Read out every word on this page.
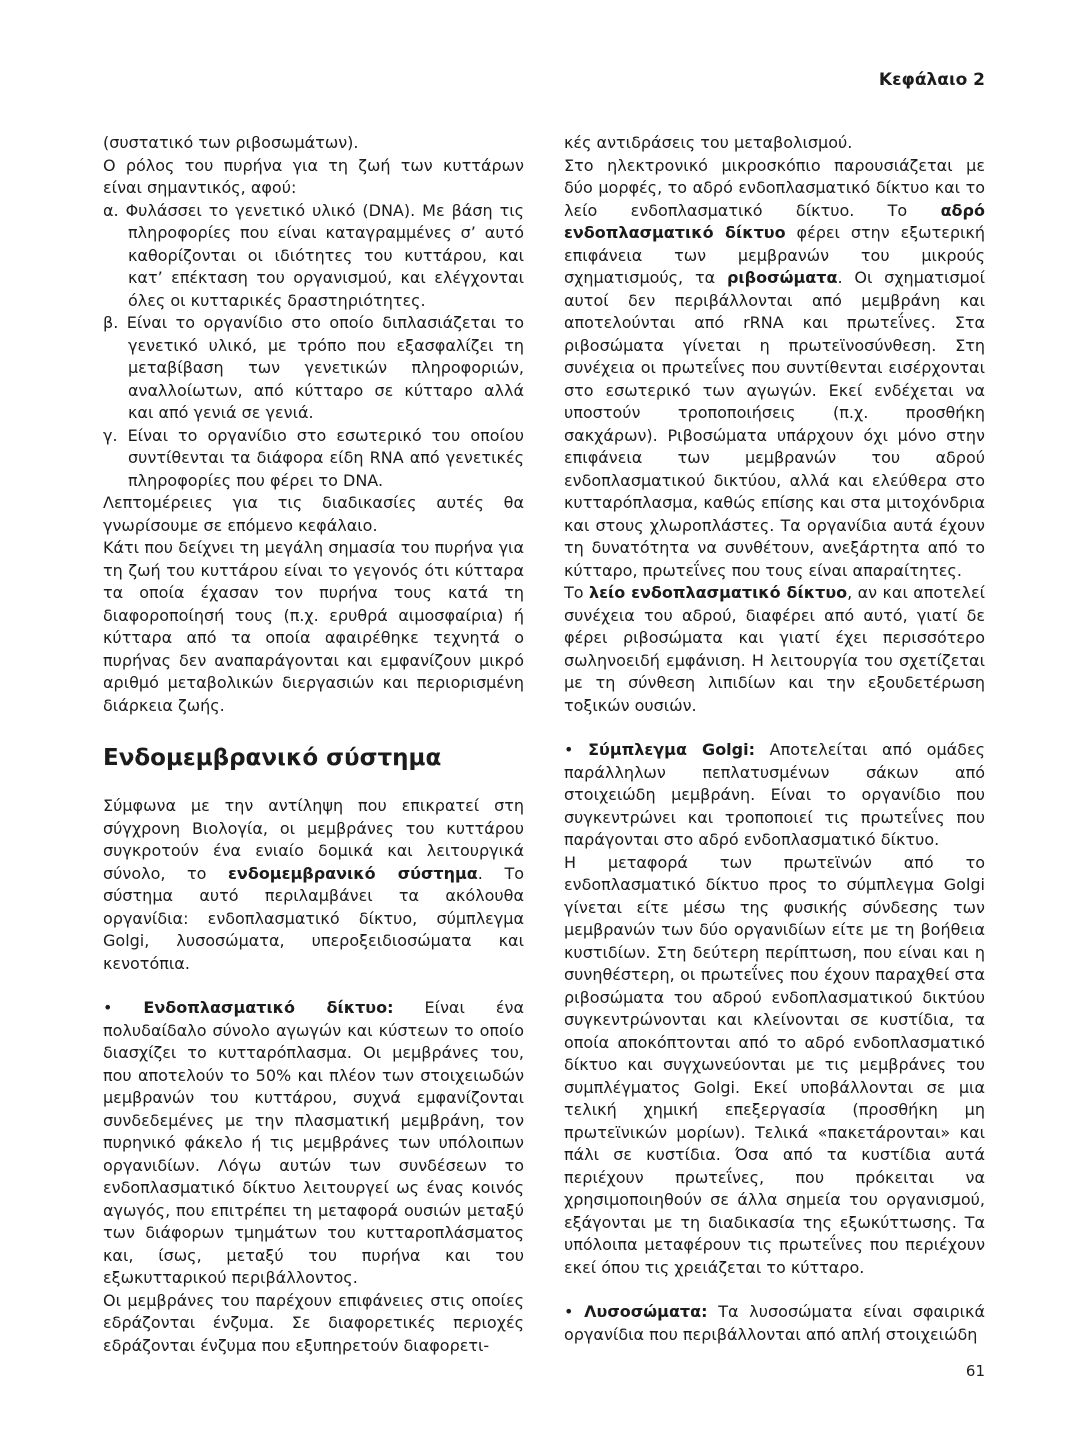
Κεφάλαιο 2

(συστατικό των ριβοσωμάτων).

Ο ρόλος του πυρήνα για τη ζωή των κυττάρων είναι σημαντικός, αφού:

α. Φυλάσσει το γενετικό υλικό (DNA). Με βάση τις πληροφορίες που είναι καταγραμμένες σ’ αυτό καθορίζονται οι ιδιότητες του κυττάρου, και κατ’ επέκταση του οργανισμού, και ελέγχονται όλες οι κυτταρικές δραστηριότητες.

β. Είναι το οργανίδιο στο οποίο διπλασιάζεται το γενετικό υλικό, με τρόπο που εξασφαλίζει τη μεταβίβαση των γενετικών πληροφοριών, αναλλοίωτων, από κύτταρο σε κύτταρο αλλά και από γενιά σε γενιά.

γ. Είναι το οργανίδιο στο εσωτερικό του οποίου συντίθενται τα διάφορα είδη RNA από γενετικές πληροφορίες που φέρει το DNA.

Λεπτομέρειες για τις διαδικασίες αυτές θα γνωρίσουμε σε επόμενο κεφάλαιο.

Κάτι που δείχνει τη μεγάλη σημασία του πυρήνα για τη ζωή του κυττάρου είναι το γεγονός ότι κύτταρα τα οποία έχασαν τον πυρήνα τους κατά τη διαφοροποίησή τους (π.χ. ερυθρά αιμοσφαίρια) ή κύτταρα από τα οποία αφαιρέθηκε τεχνητά ο πυρήνας δεν αναπαράγονται και εμφανίζουν μικρό αριθμό μεταβολικών διεργασιών και περιορισμένη διάρκεια ζωής.

Ενδομεμβρανικό σύστημα

Σύμφωνα με την αντίληψη που επικρατεί στη σύγχρονη Βιολογία, οι μεμβράνες του κυττάρου συγκροτούν ένα ενιαίο δομικά και λειτουργικά σύνολο, το ενδομεμβρανικό σύστημα. Το σύστημα αυτό περιλαμβάνει τα ακόλουθα οργανίδια: ενδοπλασματικό δίκτυο, σύμπλεγμα Golgi, λυσοσώματα, υπεροξειδιοσώματα και κενοτόπια.

• Ενδοπλασματικό δίκτυο: Είναι ένα πολυδαίδαλο σύνολο αγωγών και κύστεων το οποίο διασχίζει το κυτταρόπλασμα. Οι μεμβράνες του, που αποτελούν το 50% και πλέον των στοιχειωδών μεμβρανών του κυττάρου, συχνά εμφανίζονται συνδεδεμένες με την πλασματική μεμβράνη, τον πυρηνικό φάκελο ή τις μεμβράνες των υπόλοιπων οργανιδίων. Λόγω αυτών των συνδέσεων το ενδοπλασματικό δίκτυο λειτουργεί ως ένας κοινός αγωγός, που επιτρέπει τη μεταφορά ουσιών μεταξύ των διάφορων τμημάτων του κυτταροπλάσματος και, ίσως, μεταξύ του πυρήνα και του εξωκυτταρικού περιβάλλοντος.

Οι μεμβράνες του παρέχουν επιφάνειες στις οποίες εδράζονται ένζυμα. Σε διαφορετικές περιοχές εδράζονται ένζυμα που εξυπηρετούν διαφορετι-

κές αντιδράσεις του μεταβολισμού.

Στο ηλεκτρονικό μικροσκόπιο παρουσιάζεται με δύο μορφές, το αδρό ενδοπλασματικό δίκτυο και το λείο ενδοπλασματικό δίκτυο. Το αδρό ενδοπλασματικό δίκτυο φέρει στην εξωτερική επιφάνεια των μεμβρανών του μικρούς σχηματισμούς, τα ριβοσώματα. Οι σχηματισμοί αυτοί δεν περιβάλλονται από μεμβράνη και αποτελούνται από rRNA και πρωτεΐνες. Στα ριβοσώματα γίνεται η πρωτεϊνοσύνθεση. Στη συνέχεια οι πρωτεΐνες που συντίθενται εισέρχονται στο εσωτερικό των αγωγών. Εκεί ενδέχεται να υποστούν τροποποιήσεις (π.χ. προσθήκη σακχάρων). Ριβοσώματα υπάρχουν όχι μόνο στην επιφάνεια των μεμβρανών του αδρού ενδοπλασματικού δικτύου, αλλά και ελεύθερα στο κυτταρόπλασμα, καθώς επίσης και στα μιτοχόνδρια και στους χλωροπλάστες. Τα οργανίδια αυτά έχουν τη δυνατότητα να συνθέτουν, ανεξάρτητα από το κύτταρο, πρωτεΐνες που τους είναι απαραίτητες.

Το λείο ενδοπλασματικό δίκτυο, αν και αποτελεί συνέχεια του αδρού, διαφέρει από αυτό, γιατί δε φέρει ριβοσώματα και γιατί έχει περισσότερο σωληνοειδή εμφάνιση. Η λειτουργία του σχετίζεται με τη σύνθεση λιπιδίων και την εξουδετέρωση τοξικών ουσιών.

• Σύμπλεγμα Golgi: Αποτελείται από ομάδες παράλληλων πεπλατυσμένων σάκων από στοιχειώδη μεμβράνη. Είναι το οργανίδιο που συγκεντρώνει και τροποποιεί τις πρωτεΐνες που παράγονται στο αδρό ενδοπλασματικό δίκτυο.

Η μεταφορά των πρωτεϊνών από το ενδοπλασματικό δίκτυο προς το σύμπλεγμα Golgi γίνεται είτε μέσω της φυσικής σύνδεσης των μεμβρανών των δύο οργανιδίων είτε με τη βοήθεια κυστιδίων. Στη δεύτερη περίπτωση, που είναι και η συνηθέστερη, οι πρωτεΐνες που έχουν παραχθεί στα ριβοσώματα του αδρού ενδοπλασματικού δικτύου συγκεντρώνονται και κλείνονται σε κυστίδια, τα οποία αποκόπτονται από το αδρό ενδοπλασματικό δίκτυο και συγχωνεύονται με τις μεμβράνες του συμπλέγματος Golgi. Εκεί υποβάλλονται σε μια τελική χημική επεξεργασία (προσθήκη μη πρωτεϊνικών μορίων). Τελικά «πακετάρονται» και πάλι σε κυστίδια. Όσα από τα κυστίδια αυτά περιέχουν πρωτεΐνες, που πρόκειται να χρησιμοποιηθούν σε άλλα σημεία του οργανισμού, εξάγονται με τη διαδικασία της εξωκύττωσης. Τα υπόλοιπα μεταφέρουν τις πρωτεΐνες που περιέχουν εκεί όπου τις χρειάζεται το κύτταρο.

• Λυσοσώματα: Τα λυσοσώματα είναι σφαιρικά οργανίδια που περιβάλλονται από απλή στοιχειώδη

61
